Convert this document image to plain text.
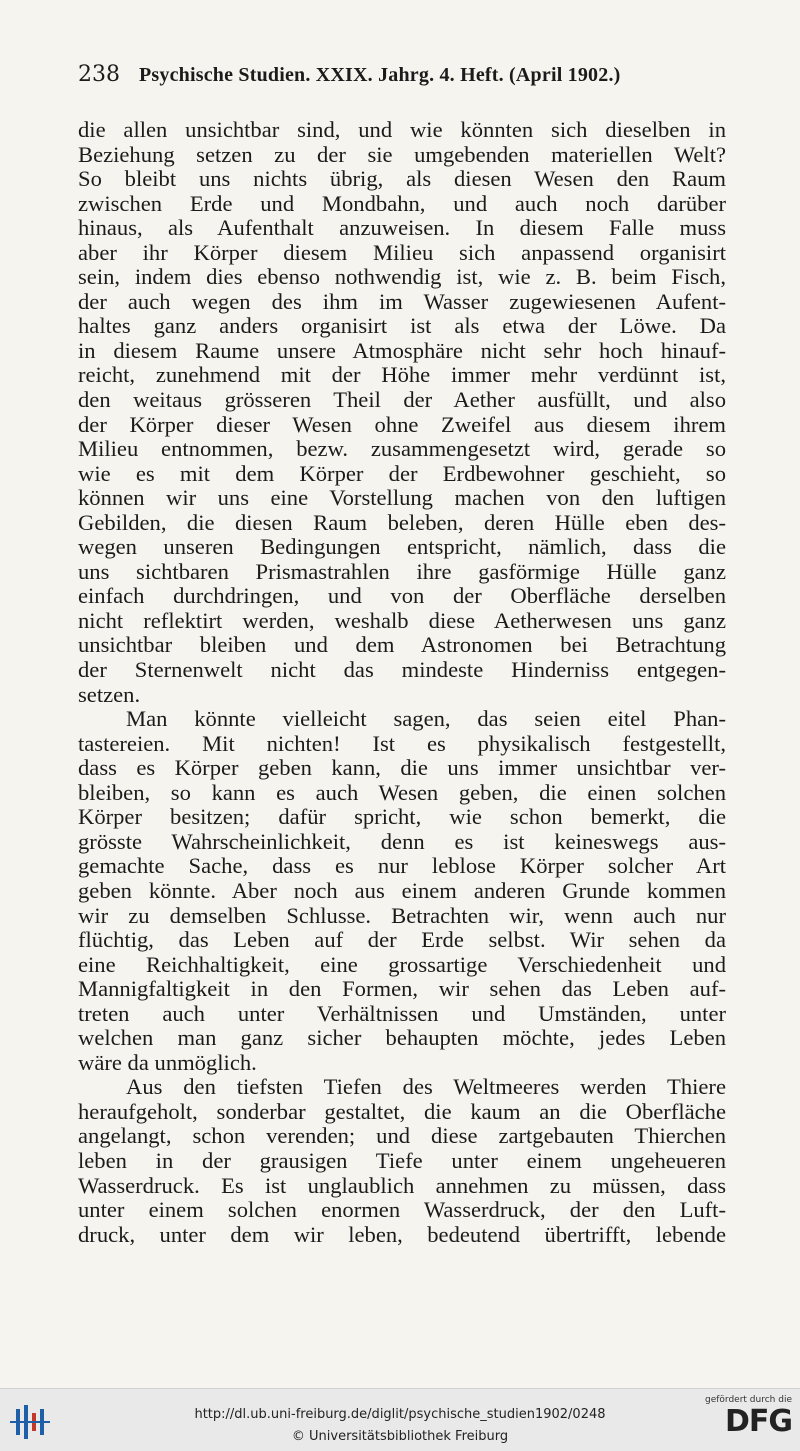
238 Psychische Studien. XXIX. Jahrg. 4. Heft. (April 1902.)
die allen unsichtbar sind, und wie könnten sich dieselben in
Beziehung setzen zu der sie umgebenden materiellen Welt?
So bleibt uns nichts übrig, als diesen Wesen den Raum
zwischen Erde und Mondbahn, und auch noch darüber
hinaus, als Aufenthalt anzuweisen. In diesem Falle muss
aber ihr Körper diesem Milieu sich anpassend organisirt
sein, indem dies ebenso nothwendig ist, wie z. B. beim Fisch,
der auch wegen des ihm im Wasser zugewiesenen Aufent-
haltes ganz anders organisirt ist als etwa der Löwe. Da
in diesem Raume unsere Atmosphäre nicht sehr hoch hinauf-
reicht, zunehmend mit der Höhe immer mehr verdünnt ist,
den weitaus grösseren Theil der Aether ausfüllt, und also
der Körper dieser Wesen ohne Zweifel aus diesem ihrem
Milieu entnommen, bezw. zusammengesetzt wird, gerade so
wie es mit dem Körper der Erdbewohner geschieht, so
können wir uns eine Vorstellung machen von den luftigen
Gebilden, die diesen Raum beleben, deren Hülle eben des-
wegen unseren Bedingungen entspricht, nämlich, dass die
uns sichtbaren Prismastrahlen ihre gasförmige Hülle ganz
einfach durchdringen, und von der Oberfläche derselben
nicht reflektirt werden, weshalb diese Aetherwesen uns ganz
unsichtbar bleiben und dem Astronomen bei Betrachtung
der Sternenwelt nicht das mindeste Hinderniss entgegen-
setzen.
Man könnte vielleicht sagen, das seien eitel Phan-
tastereien. Mit nichten! Ist es physikalisch festgestellt,
dass es Körper geben kann, die uns immer unsichtbar ver-
bleiben, so kann es auch Wesen geben, die einen solchen
Körper besitzen; dafür spricht, wie schon bemerkt, die
grösste Wahrscheinlichkeit, denn es ist keineswegs aus-
gemachte Sache, dass es nur leblose Körper solcher Art
geben könnte. Aber noch aus einem anderen Grunde kommen
wir zu demselben Schlusse. Betrachten wir, wenn auch nur
flüchtig, das Leben auf der Erde selbst. Wir sehen da
eine Reichhaltigkeit, eine grossartige Verschiedenheit und
Mannigfaltigkeit in den Formen, wir sehen das Leben auf-
treten auch unter Verhältnissen und Umständen, unter
welchen man ganz sicher behaupten möchte, jedes Leben
wäre da unmöglich.
Aus den tiefsten Tiefen des Weltmeeres werden Thiere
heraufgeholt, sonderbar gestaltet, die kaum an die Oberfläche
angelangt, schon verenden; und diese zartgebauten Thierchen
leben in der grausigen Tiefe unter einem ungeheueren
Wasserdruck. Es ist unglaublich annehmen zu müssen, dass
unter einem solchen enormen Wasserdruck, der den Luft-
druck, unter dem wir leben, bedeutend übertrifft, lebende
http://dl.ub.uni-freiburg.de/diglit/psychische_studien1902/0248
© Universitätsbibliothek Freiburg
gefördert durch die
DFG
